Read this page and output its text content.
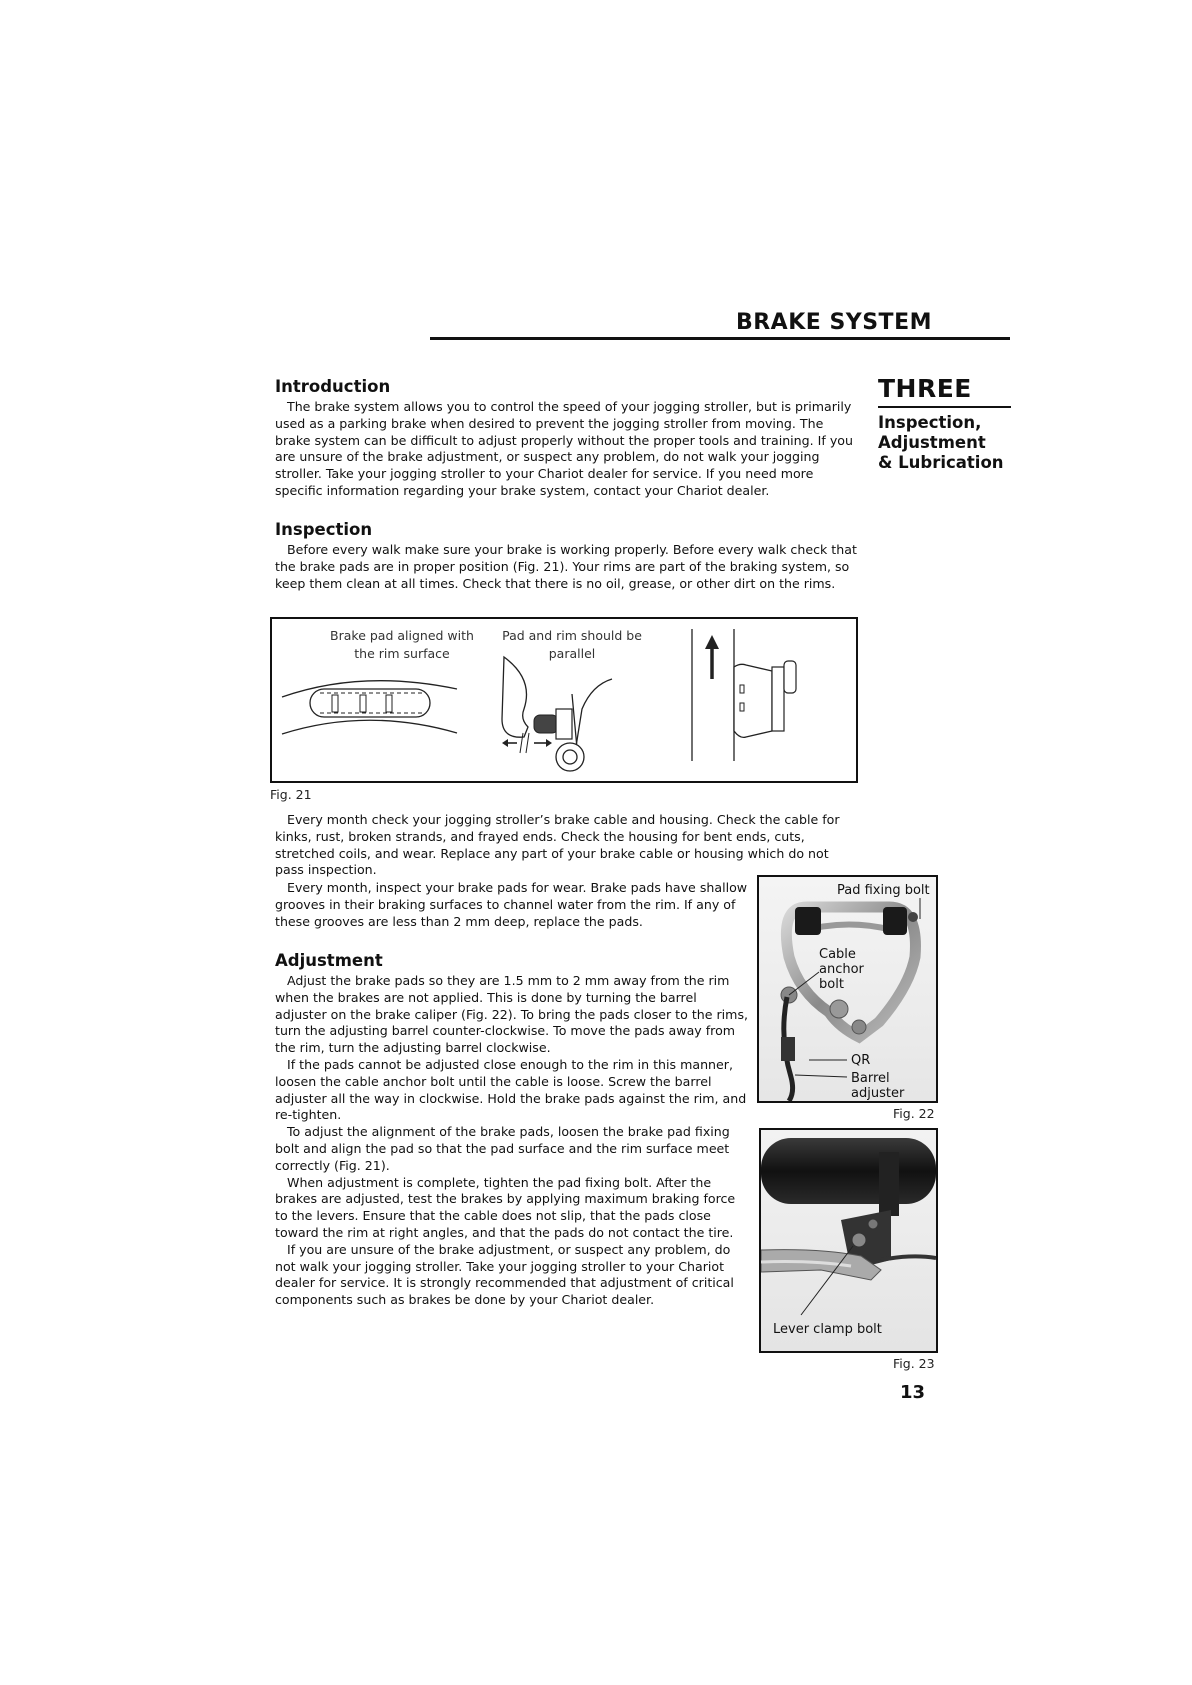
BRAKE SYSTEM
THREE
Inspection,
Adjustment
& Lubrication
Introduction

The brake system allows you to control the speed of your jogging stroller, but is primarily used as a parking brake when desired to prevent the jogging stroller from moving. The brake system can be difficult to adjust properly without the proper tools and training. If you are unsure of the brake adjustment, or suspect any problem, do not walk your jogging stroller. Take your jogging stroller to your Chariot dealer for service. If you need more specific information regarding your brake system, contact your Chariot dealer.

Inspection

Before every walk make sure your brake is working properly. Before every walk check that the brake pads are in proper position (Fig. 21). Your rims are part of the braking system, so keep them clean at all times. Check that there is no oil, grease, or other dirt on the rims.

Brake pad aligned with
the rim surface
Pad and rim should be
parallel
Fig. 21

Every month check your jogging stroller’s brake cable and housing. Check the cable for kinks, rust, broken strands, and frayed ends. Check the housing for bent ends, cuts, stretched coils, and wear. Replace any part of your brake cable or housing which do not pass inspection.

Every month, inspect your brake pads for wear. Brake pads have shallow grooves in their braking surfaces to channel water from the rim. If any of these grooves are less than 2 mm deep, replace the pads.

Adjustment

Adjust the brake pads so they are 1.5 mm to 2 mm away from the rim when the brakes are not applied. This is done by turning the barrel adjuster on the brake caliper (Fig. 22). To bring the pads closer to the rims, turn the adjusting barrel counter-clockwise. To move the pads away from the rim, turn the adjusting barrel clockwise.

If the pads cannot be adjusted close enough to the rim in this manner, loosen the cable anchor bolt until the cable is loose. Screw the barrel adjuster all the way in clockwise. Hold the brake pads against the rim, and re-tighten.

To adjust the alignment of the brake pads, loosen the brake pad fixing bolt and align the pad so that the pad surface and the rim surface meet correctly (Fig. 21).

When adjustment is complete, tighten the pad fixing bolt. After the brakes are adjusted, test the brakes by applying maximum braking force to the levers. Ensure that the cable does not slip, that the pads close toward the rim at right angles, and that the pads do not contact the tire.

If you are unsure of the brake adjustment, or suspect any problem, do not walk your jogging stroller. Take your jogging stroller to your Chariot dealer for service. It is strongly recommended that adjustment of critical components such as brakes be done by your Chariot dealer.

Pad fixing bolt
Cable
anchor
bolt
QR
Barrel
adjuster
Fig. 22
Lever clamp bolt
Fig. 23
13
